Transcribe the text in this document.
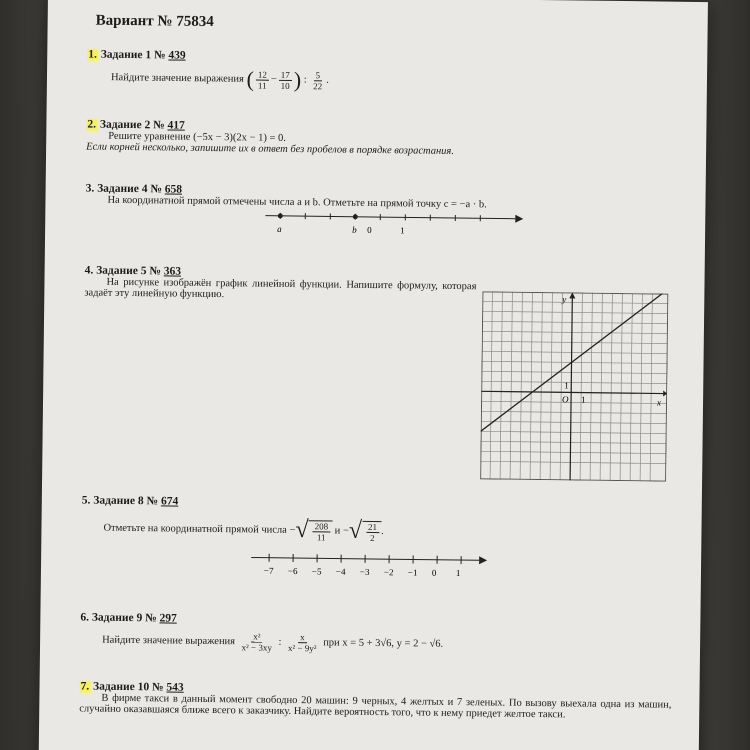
Вариант № 75834
1. Задание 1 № 439
Найдите значение выражения ( $\frac{12}{11} - \frac{17}{10}$ ) : $\frac{5}{22}$ .
2. Задание 2 № 417
Решите уравнение (−5x − 3)(2x − 1) = 0.
Если корней несколько, запишите их в ответ без пробелов в порядке возрастания.
3. Задание 4 № 658
На координатной прямой отмечены числа a и b. Отметьте на прямой точку c = −a · b.
a	b 0	1
4. Задание 5 № 363
На рисунке изображён график линейной функции. Напишите формулу, которая задаёт эту линейную функцию.	y
x
O 1
1
5. Задание 8 № 674
Отметьте на координатной прямой числа − √ $\frac{208}{11}$ и − √ $\frac{21}{2}$ .
−7 −6 −5 −4 −3 −2 −1 0 1
6. Задание 9 № 297
Найдите значение выражения $\frac{\text{x²}}{\text{x² − 3xy}}$ : $\frac{x}{\text{x² − 9y²}}$ при x = 5 + 3√6, y = 2 − √6.
7. Задание 10 № 543
В фирме такси в данный момент свободно 20 машин: 9 черных, 4 желтых и 7 зеленых. По вызову выехала одна из машин, случайно оказавшаяся ближе всего к заказчику. Найдите вероятность того, что к нему приедет желтое такси.
